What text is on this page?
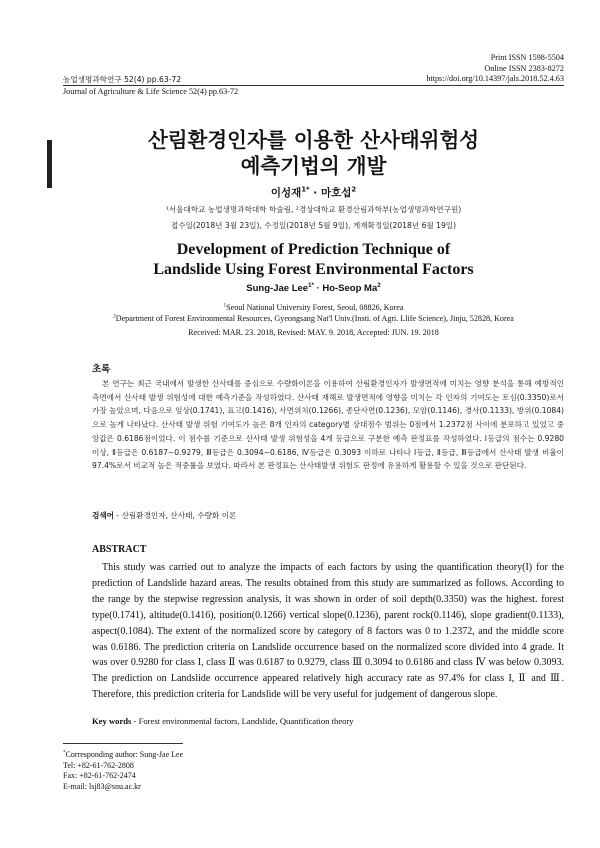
Print ISSN 1598-5504
Online ISSN 2383-8272
https://doi.org/10.14397/jals.2018.52.4.63
농업생명과학연구 52(4) pp.63-72
Journal of Agriculture & Life Science 52(4) pp.63-72
산림환경인자를 이용한 산사태위험성
예측기법의 개발
이성재$^{1*}$ · 마호섭$^2$
¹서울대학교 농업생명과학대학 학술림, ²경상대학교 환경산림과학부(농업생명과학연구원)
접수일(2018년 3월 23일), 수정일(2018년 5월 9일), 게재확정일(2018년 6월 19일)
Development of Prediction Technique of
Landslide Using Forest Environmental Factors
Sung-Jae Lee$^{1*}$ · Ho-Seop Ma$^2$
$^1$Seoul National University Forest, Seoul, 08826, Korea
$^2$Department of Forest Environmental Resources, Gyeongsang Nat'l Univ.(Insti. of Agri. Llife Science), Jinju, 52828, Korea
Received: MAR. 23. 2018, Revised: MAY. 9. 2018, Accepted: JUN. 19. 2018
초록
본 연구는 최근 국내에서 발생한 산사태를 중심으로 수량화이론을 이용하여 산림환경인자가 발생면적에 미치는 영향 분석을 통해 예방적인 측면에서 산사태 발생 위험성에 대한 예측기준을 작성하였다. 산사태 재해로 발생면적에 영향을 미치는 각 인자의 기여도는 토심(0.3350)로서 가장 높았으며, 다음으로 임상(0.1741), 표고(0.1416), 사면위치(0.1266), 종단사면(0.1236), 모암(0.1146), 경사(0.1133), 방위(0.1084)으로 높게 나타났다. 산사태 발생 위험 기여도가 높은 8개 인자의 category별 상대점수 범위는 0점에서 1.2372점 사이에 분포하고 있었고 중앙값은 0.6186점이었다. 이 점수를 기준으로 산사태 발생 위험성을 4개 등급으로 구분한 예측 판정표를 작성하였다. Ⅰ등급의 점수는 0.9280 이상, Ⅱ등급은 0.6187∼0.9279, Ⅲ등급은 0.3094∼0.6186, Ⅳ등급은 0.3093 이하로 나타나 Ⅰ등급, Ⅱ등급, Ⅲ등급에서 산사태 발생 비율이 97.4%로서 비교적 높은 적중률을 보였다. 따라서 본 판정표는 산사태발생 위험도 판정에 유용하게 활용할 수 있을 것으로 판단된다.
검색어 - 산림환경인자, 산사태, 수량화 이론
ABSTRACT
This study was carried out to analyze the impacts of each factors by using the quantification theory(I) for the prediction of Landslide hazard areas. The results obtained from this study are summarized as follows. According to the range by the stepwise regression analysis, it was shown in order of soil depth(0.3350) was the highest. forest type(0.1741), altitude(0.1416), position(0.1266) vertical slope(0.1236), parent rock(0.1146), slope gradient(0.1133), aspect(0.1084). The extent of the normalized score by category of 8 factors was 0 to 1.2372, and the middle score was 0.6186. The prediction criteria on Landslide occurrence based on the normalized score divided into 4 grade. It was over 0.9280 for class I, class Ⅱ was 0.6187 to 0.9279, class Ⅲ 0.3094 to 0.6186 and class Ⅳ was below 0.3093. The prediction on Landslide occurrence appeared relatively high accuracy rate as 97.4% for class I, Ⅱ and Ⅲ. Therefore, this prediction criteria for Landslide will be very useful for judgement of dangerous slope.
Key words - Forest environmental factors, Landslide, Quantification theory
*Corresponding author: Sung-Jae Lee
Tel: +82-61-762-2808
Fax: +82-61-762-2474
E-mail: lsj83@snu.ac.kr
